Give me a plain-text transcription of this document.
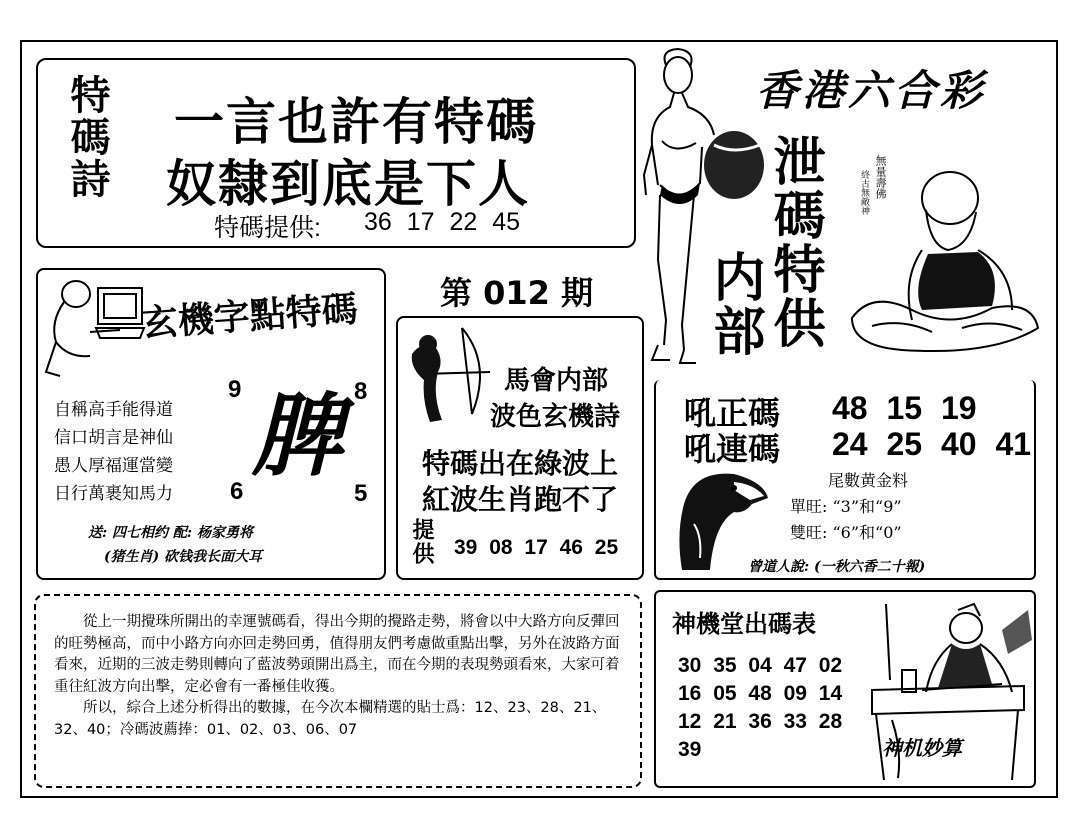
特碼詩 一言也許有特碼
奴隸到底是下人
特碼提供: 36 17 22 45
香港六合彩
泄碼特供
内部
無量壽佛
終古無敵神
第 012 期
玄機字點特碼
自稱高手能得道
信口胡言是神仙
愚人厚福運當變
日行萬裹知馬力
9	8
6	5
脾
送: 四七相约 配: 杨家勇将
(猪生肖) 砍钱我长面大耳
馬會内部
波色玄機詩
特碼出在綠波上
紅波生肖跑不了
提供 39 08 17 46 25
吼正碼 48 15 19
吼連碼 24 25 40 41
尾數黄金料
單旺: “3”和“9”
雙旺: “6”和“0”
曾道人說: (一秋六香二十報)
從上一期攪珠所開出的幸運號碼看，得出今期的攪路走勢，將會以中大路方向反彈回的旺勢極高，而中小路方向亦回走勢回勇，值得朋友們考慮做重點出擊，另外在波路方面看來，近期的三波走勢則轉向了藍波勢頭開出爲主，而在今期的表現勢頭看來，大家可着重往紅波方向出擊，定必會有一番極佳收獲。
所以，綜合上述分析得出的數據，在今次本欄精選的貼士爲：12、23、28、21、32、40；冷碼波薦捧：01、02、03、06、07
神機堂出碼表
30 35 04 47 02
16 05 48 09 14
12 21 36 33 28
39	神机妙算
